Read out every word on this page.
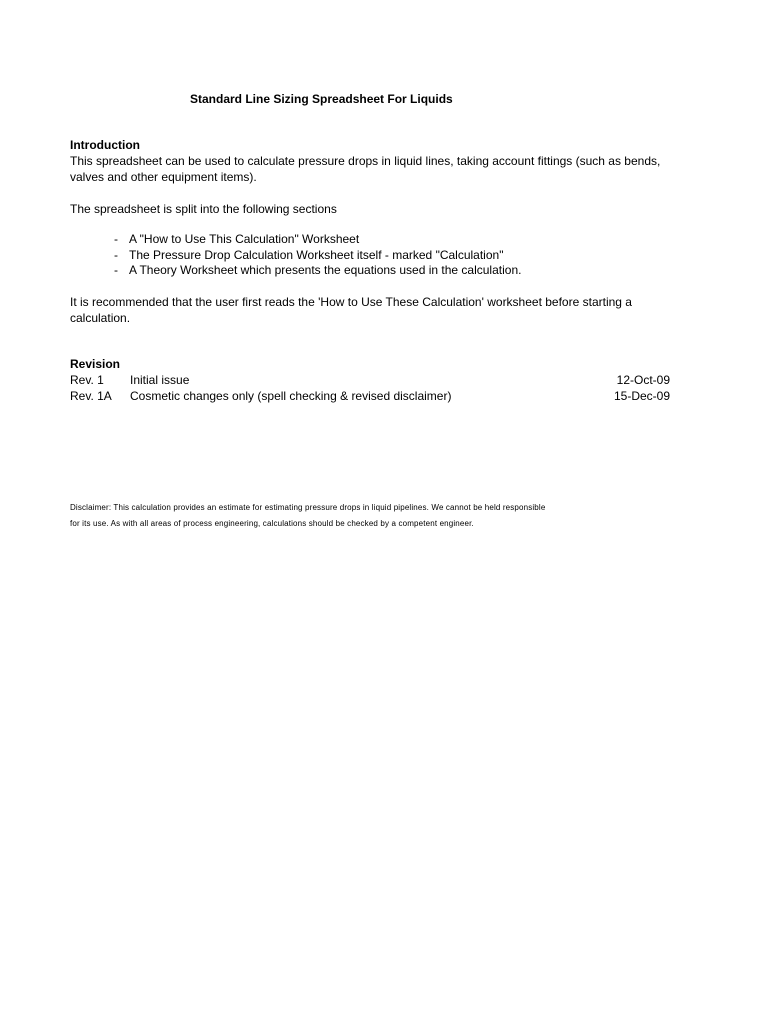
Standard Line Sizing Spreadsheet For Liquids
Introduction

This spreadsheet can be used to calculate pressure drops in liquid lines, taking account fittings (such as bends,

valves and other equipment items).

The spreadsheet is split into the following sections

- A "How to Use This Calculation" Worksheet
- The Pressure Drop Calculation Worksheet itself - marked "Calculation"
- A Theory Worksheet which presents the equations used in the calculation.

It is recommended that the user first reads the 'How to Use These Calculation' worksheet before starting a

calculation.

Revision
Rev. 1	Initial issue	12-Oct-09
Rev. 1A	Cosmetic changes only (spell checking & revised disclaimer)	15-Dec-09

Disclaimer: This calculation provides an estimate for estimating pressure drops in liquid pipelines. We cannot be held responsible

for its use. As with all areas of process engineering, calculations should be checked by a competent engineer.
